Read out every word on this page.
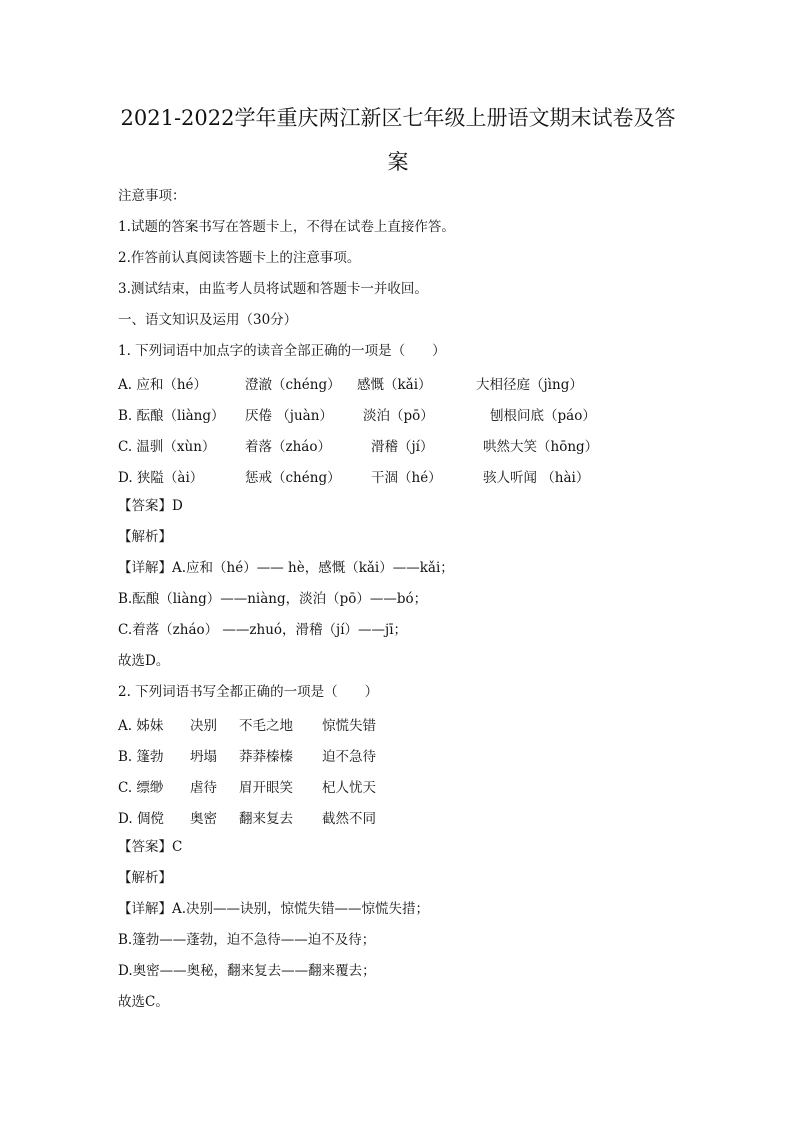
2021-2022学年重庆两江新区七年级上册语文期末试卷及答
案
注意事项：
1.试题的答案书写在答题卡上，不得在试卷上直接作答。
2.作答前认真阅读答题卡上的注意事项。
3.测试结束，由监考人员将试题和答题卡一并收回。
一、语文知识及运用（30分）
1. 下列词语中加点字的读音全部正确的一项是（　　）
A. 应和（hé）	澄澈（chéng） 感慨（kǎi）	大相径庭（jìng）
B. 酝酿（liàng） 厌倦 （juàn） 淡泊（pō）	刨根问底（páo）
C. 温驯（xùn） 着落（zháo）	滑稽（jí）	哄然大笑（hōng）
D. 狭隘（ài）	惩戒（chéng） 干涸（hé）	骇人听闻 （hài）
【答案】D
【解析】
【详解】A.应和（hé）—— hè，感慨（kǎi）——kǎi；
B.酝酿（liàng）——niàng，淡泊（pō）——bó；
C.着落（zháo） ——zhuó，滑稽（jí）——jī；
故选D。
2. 下列词语书写全都正确的一项是（　　）
A. 姊妹 决别 不毛之地 惊慌失错
B. 篷勃 坍塌 莽莽榛榛 迫不急待
C. 缥缈 虐待 眉开眼笑 杞人忧天
D. 倜傥 奥密 翻来复去 截然不同
【答案】C
【解析】
【详解】A.决别——诀别，惊慌失错——惊慌失措；
B.篷勃——蓬勃，迫不急待——迫不及待；
D.奥密——奥秘，翻来复去——翻来覆去；
故选C。
